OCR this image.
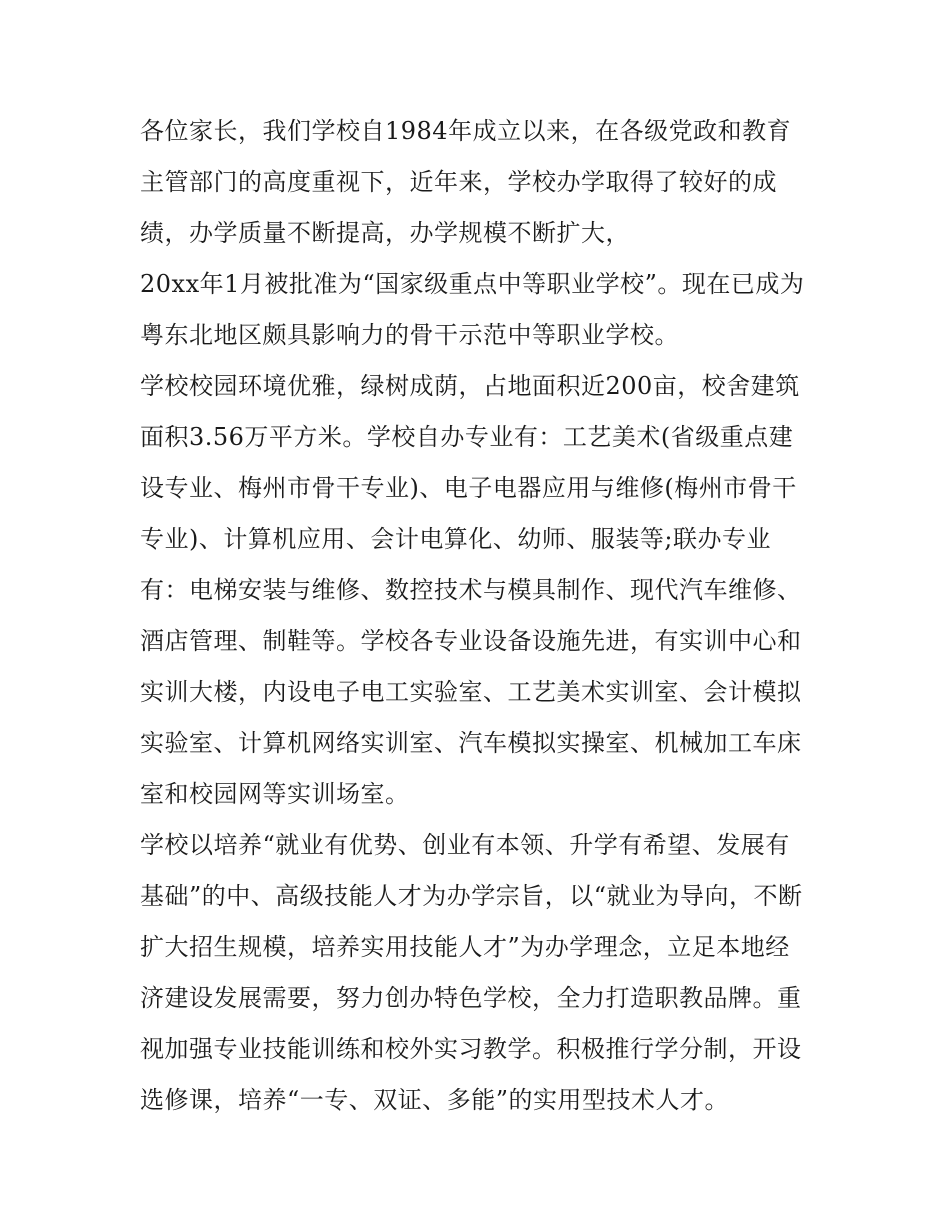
各位家长，我们学校自1984年成立以来，在各级党政和教育
主管部门的高度重视下，近年来，学校办学取得了较好的成
绩，办学质量不断提高，办学规模不断扩大，
20xx年1月被批准为“国家级重点中等职业学校”。现在已成为
粤东北地区颇具影响力的骨干示范中等职业学校。
学校校园环境优雅，绿树成荫，占地面积近200亩，校舍建筑
面积3.56万平方米。学校自办专业有：工艺美术(省级重点建
设专业、梅州市骨干专业)、电子电器应用与维修(梅州市骨干
专业)、计算机应用、会计电算化、幼师、服装等;联办专业
有：电梯安装与维修、数控技术与模具制作、现代汽车维修、
酒店管理、制鞋等。学校各专业设备设施先进，有实训中心和
实训大楼，内设电子电工实验室、工艺美术实训室、会计模拟
实验室、计算机网络实训室、汽车模拟实操室、机械加工车床
室和校园网等实训场室。
学校以培养“就业有优势、创业有本领、升学有希望、发展有
基础”的中、高级技能人才为办学宗旨，以“就业为导向，不断
扩大招生规模，培养实用技能人才”为办学理念，立足本地经
济建设发展需要，努力创办特色学校，全力打造职教品牌。重
视加强专业技能训练和校外实习教学。积极推行学分制，开设
选修课，培养“一专、双证、多能”的实用型技术人才。
